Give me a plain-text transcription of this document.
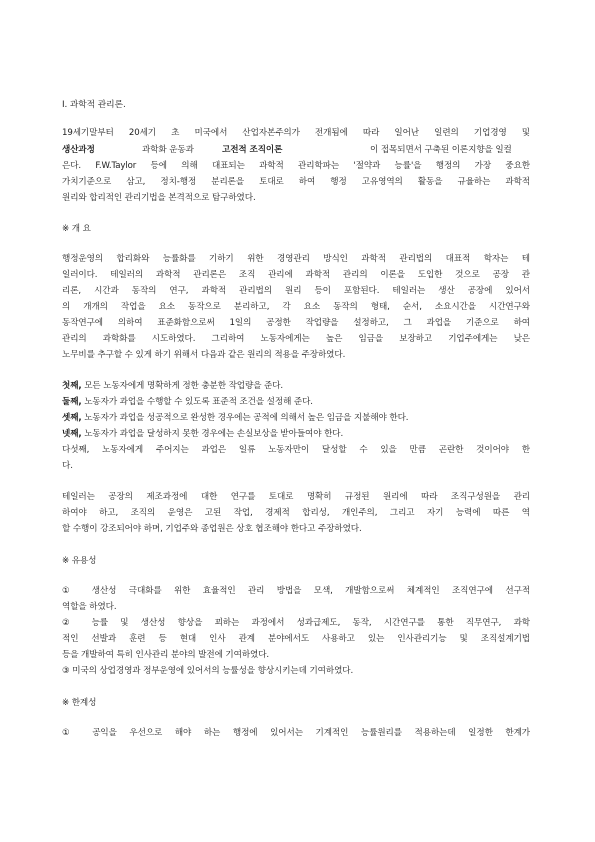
Ⅰ. 과학적 관리론.
19세기말부터 20세기 초 미국에서 산업자본주의가 전개됨에 따라 일어난 일련의 기업경영 및
생산과정	과학화 운동과	고전적 조직이론	이 접목되면서 구축된 이론지향을 일컬
은다. F.W.Taylor 등에 의해 대표되는 과학적 관리학파는 '절약과 능률'을 행정의 가장 중요한
가치기준으로 삼고, 정치-행정 분리론을 토대로 하여 행정 고유영역의 활동을 규율하는 과학적
원리와 합리적인 관리기법을 본격적으로 탐구하였다.
※ 개 요
행정운영의 합리화와 능률화를 기하기 위한 경영관리 방식인 과학적 관리법의 대표적 학자는 테
일러이다. 테일러의 과학적 관리론은 조직 관리에 과학적 관리의 이론을 도입한 것으로 공장 관
리론, 시간과 동작의 연구, 과학적 관리법의 원리 등이 포함된다. 테일러는 생산 공장에 있어서
의 개개의 작업을 요소 동작으로 분리하고, 각 요소 동작의 형태, 순서, 소요시간을 시간연구와
동작연구에 의하여 표준화함으로써 1일의 공정한 작업량을 설정하고, 그 과업을 기준으로 하여
관리의 과학화를 시도하였다. 그리하여 노동자에게는 높은 임금을 보장하고 기업주에게는 낮은
노무비를 추구할 수 있게 하기 위해서 다음과 같은 원리의 적용을 주장하였다.
첫째, 모든 노동자에게 명확하게 정한 충분한 작업량을 준다.
둘째, 노동자가 과업을 수행할 수 있도록 표준적 조건을 설정해 준다.
셋째, 노동자가 과업을 성공적으로 완성한 경우에는 공적에 의해서 높은 임금을 지불해야 한다.
넷째, 노동자가 과업을 달성하지 못한 경우에는 손실보상을 받아들여야 한다.
다섯째, 노동자에게 주어지는 과업은 일류 노동자만이 달성할 수 있을 만큼 곤란한 것이어야 한
다.
테일러는 공장의 제조과정에 대한 연구를 토대로 명확히 규정된 원리에 따라 조직구성원을 관리
하여야 하고, 조직의 운영은 고된 작업, 경제적 합리성, 개인주의, 그리고 자기 능력에 따른 역
할 수행이 강조되어야 하며, 기업주와 종업원은 상호 협조해야 한다고 주장하였다.
※ 유용성
① 생산성 극대화를 위한 효율적인 관리 방법을 모색, 개발함으로써 체계적인 조직연구에 선구적
역할을 하였다.
② 능률 및 생산성 향상을 꾀하는 과정에서 성과급제도, 동작, 시간연구를 통한 직무연구, 과학
적인 선발과 훈련 등 현대 인사 관계 분야에서도 사용하고 있는 인사관리기능 및 조직설계기법
등을 개발하여 특히 인사관리 분야의 발전에 기여하였다.
③ 미국의 상업경영과 정부운영에 있어서의 능률성을 향상시키는데 기여하였다.
※ 한계성
① 공익을 우선으로 해야 하는 행정에 있어서는 기계적인 능률원리를 적용하는데 일정한 한계가
